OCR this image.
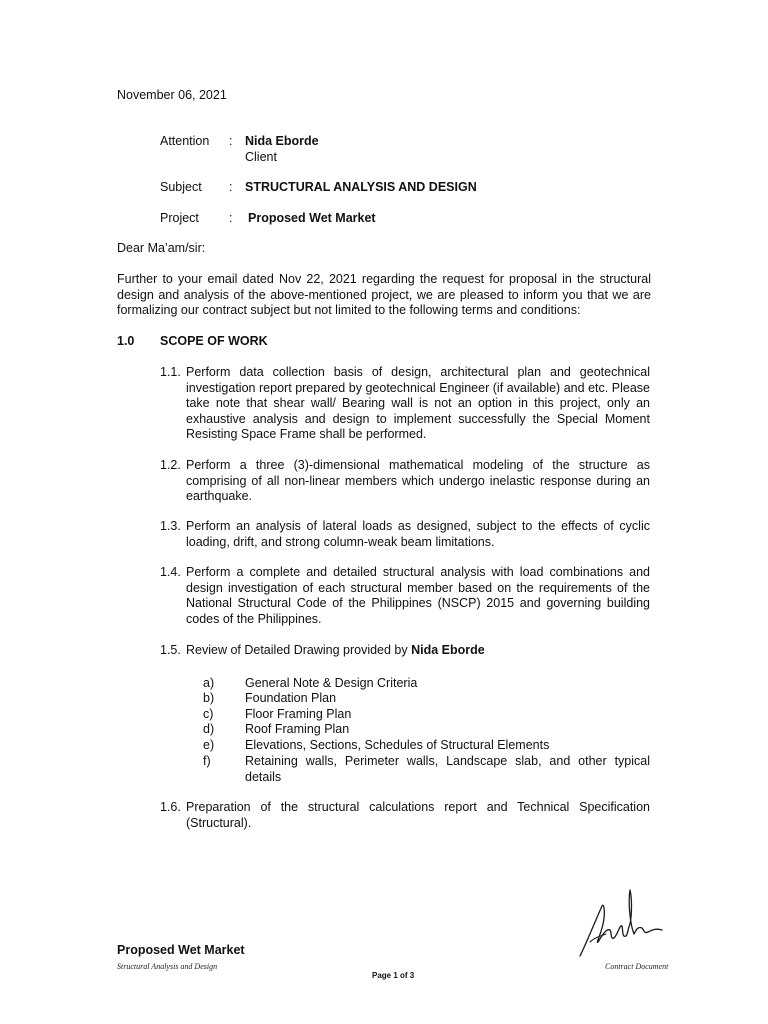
November 06, 2021
Attention	:	Nida Eborde
Client
Subject	:	STRUCTURAL ANALYSIS AND DESIGN
Project	:	Proposed Wet Market
Dear Ma’am/sir:
Further to your email dated Nov 22, 2021 regarding the request for proposal in the structural design and analysis of the above-mentioned project, we are pleased to inform you that we are formalizing our contract subject but not limited to the following terms and conditions:
1.0 SCOPE OF WORK
1.1. Perform data collection basis of design, architectural plan and geotechnical investigation report prepared by geotechnical Engineer (if available) and etc. Please take note that shear wall/ Bearing wall is not an option in this project, only an exhaustive analysis and design to implement successfully the Special Moment Resisting Space Frame shall be performed.
1.2. Perform a three (3)-dimensional mathematical modeling of the structure as comprising of all non-linear members which undergo inelastic response during an earthquake.
1.3. Perform an analysis of lateral loads as designed, subject to the effects of cyclic loading, drift, and strong column-weak beam limitations.
1.4. Perform a complete and detailed structural analysis with load combinations and design investigation of each structural member based on the requirements of the National Structural Code of the Philippines (NSCP) 2015 and governing building codes of the Philippines.
1.5. Review of Detailed Drawing provided by Nida Eborde
a) General Note & Design Criteria
b) Foundation Plan
c)	Floor Framing Plan
d) Roof Framing Plan
e) Elevations, Sections, Schedules of Structural Elements
f)	Retaining walls, Perimeter walls, Landscape slab, and other typical details
1.6. Preparation of the structural calculations report and Technical Specification (Structural).
Proposed Wet Market
Structural Analysis and Design
Page 1 of 3
Contract Document
